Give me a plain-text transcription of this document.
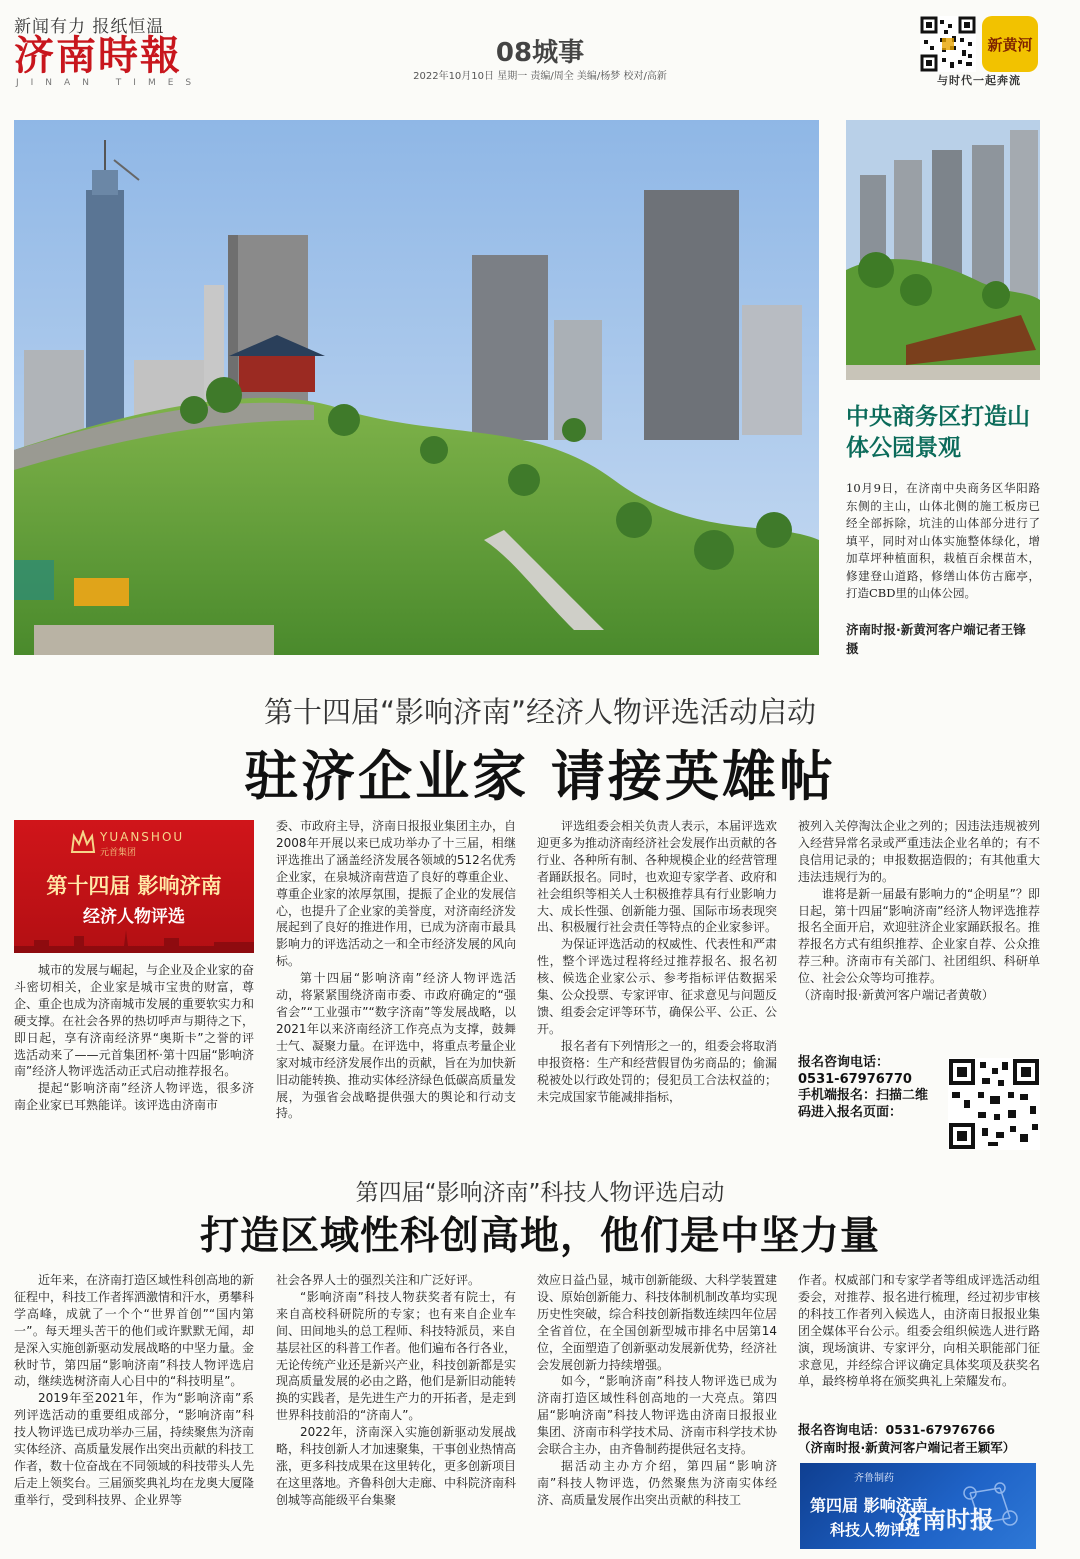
新闻有力 报纸恒温
济南時報
JINAN TIMES
08城事
2022年10月10日 星期一 责编/周全 美编/杨梦 校对/高新
新黄河
与时代一起奔流
中央商务区打造山体公园景观
10月9日，在济南中央商务区华阳路东侧的主山，山体北侧的施工板房已经全部拆除，坑洼的山体部分进行了填平，同时对山体实施整体绿化，增加草坪种植面积，栽植百余棵苗木，修建登山道路，修缮山体仿古廊亭，打造CBD里的山体公园。
济南时报·新黄河客户端记者王锋　摄
第十四届“影响济南”经济人物评选活动启动
驻济企业家 请接英雄帖
YUANSHOU
元首集团
第十四届 影响济南
经济人物评选

城市的发展与崛起，与企业及企业家的奋斗密切相关，企业家是城市宝贵的财富，尊企、重企也成为济南城市发展的重要软实力和硬支撑。在社会各界的热切呼声与期待之下，即日起，享有济南经济界“奥斯卡”之誉的评选活动来了——元首集团杯·第十四届“影响济南”经济人物评选活动正式启动推荐报名。

提起“影响济南”经济人物评选，很多济南企业家已耳熟能详。该评选由济南市

委、市政府主导，济南日报报业集团主办，自2008年开展以来已成功举办了十三届，相继评选推出了涵盖经济发展各领域的512名优秀企业家，在泉城济南营造了良好的尊重企业、尊重企业家的浓厚氛围，提振了企业的发展信心，也提升了企业家的美誉度，对济南经济发展起到了良好的推进作用，已成为济南市最具影响力的评选活动之一和全市经济发展的风向标。

第十四届“影响济南”经济人物评选活动，将紧紧围绕济南市委、市政府确定的“强省会”“工业强市”“数字济南”等发展战略，以2021年以来济南经济工作亮点为支撑，鼓舞士气、凝聚力量。在评选中，将重点考量企业家对城市经济发展作出的贡献，旨在为加快新旧动能转换、推动实体经济绿色低碳高质量发展，为强省会战略提供强大的舆论和行动支持。

评选组委会相关负责人表示，本届评选欢迎更多为推动济南经济社会发展作出贡献的各行业、各种所有制、各种规模企业的经营管理者踊跃报名。同时，也欢迎专家学者、政府和社会组织等相关人士积极推荐具有行业影响力大、成长性强、创新能力强、国际市场表现突出、积极履行社会责任等特点的企业家参评。

为保证评选活动的权威性、代表性和严肃性，整个评选过程将经过推荐报名、报名初核、候选企业家公示、参考指标评估数据采集、公众投票、专家评审、征求意见与问题反馈、组委会定评等环节，确保公平、公正、公开。

报名者有下列情形之一的，组委会将取消申报资格：生产和经营假冒伪劣商品的；偷漏税被处以行政处罚的；侵犯员工合法权益的；未完成国家节能减排指标，

被列入关停淘汰企业之列的；因违法违规被列入经营异常名录或严重违法企业名单的；有不良信用记录的；申报数据造假的；有其他重大违法违规行为的。

谁将是新一届最有影响力的“企明星”？即日起，第十四届“影响济南”经济人物评选推荐报名全面开启，欢迎驻济企业家踊跃报名。推荐报名方式有组织推荐、企业家自荐、公众推荐三种。济南市有关部门、社团组织、科研单位、社会公众等均可推荐。

（济南时报·新黄河客户端记者黄敬）

报名咨询电话：
0531-67976770
手机端报名：扫描二维码进入报名页面：
第四届“影响济南”科技人物评选启动
打造区域性科创高地，他们是中坚力量

近年来，在济南打造区域性科创高地的新征程中，科技工作者挥洒激情和汗水，勇攀科学高峰，成就了一个个“世界首创”“国内第一”。每天埋头苦干的他们或许默默无闻，却是深入实施创新驱动发展战略的中坚力量。金秋时节，第四届“影响济南”科技人物评选启动，继续选树济南人心目中的“科技明星”。

2019年至2021年，作为“影响济南”系列评选活动的重要组成部分，“影响济南”科技人物评选已成功举办三届，持续聚焦为济南实体经济、高质量发展作出突出贡献的科技工作者，数十位奋战在不同领域的科技带头人先后走上领奖台。三届颁奖典礼均在龙奥大厦隆重举行，受到科技界、企业界等

社会各界人士的强烈关注和广泛好评。

“影响济南”科技人物获奖者有院士，有来自高校科研院所的专家；也有来自企业车间、田间地头的总工程师、科技特派员，来自基层社区的科普工作者。他们遍布各行各业，无论传统产业还是新兴产业，科技创新都是实现高质量发展的必由之路，他们是新旧动能转换的实践者，是先进生产力的开拓者，是走到世界科技前沿的“济南人”。

2022年，济南深入实施创新驱动发展战略，科技创新人才加速聚集，干事创业热情高涨，更多科技成果在这里转化，更多创新项目在这里落地。齐鲁科创大走廊、中科院济南科创城等高能级平台集聚

效应日益凸显，城市创新能级、大科学装置建设、原始创新能力、科技体制机制改革均实现历史性突破，综合科技创新指数连续四年位居全省首位，在全国创新型城市排名中居第14位，全面塑造了创新驱动发展新优势，经济社会发展创新力持续增强。

如今，“影响济南”科技人物评选已成为济南打造区域性科创高地的一大亮点。第四届“影响济南”科技人物评选由济南日报报业集团、济南市科学技术局、济南市科学技术协会联合主办，由齐鲁制药提供冠名支持。

据活动主办方介绍，第四届“影响济南”科技人物评选，仍然聚焦为济南实体经济、高质量发展作出突出贡献的科技工

作者。权威部门和专家学者等组成评选活动组委会，对推荐、报名进行梳理，经过初步审核的科技工作者列入候选人，由济南日报报业集团全媒体平台公示。组委会组织候选人进行路演，现场演讲、专家评分，向相关职能部门征求意见，并经综合评议确定具体奖项及获奖名单，最终榜单将在颁奖典礼上荣耀发布。

报名咨询电话：0531-67976766
（济南时报·新黄河客户端记者王颖军）
齐鲁制药
第四届 影响济南
科技人物评选
济南时报
